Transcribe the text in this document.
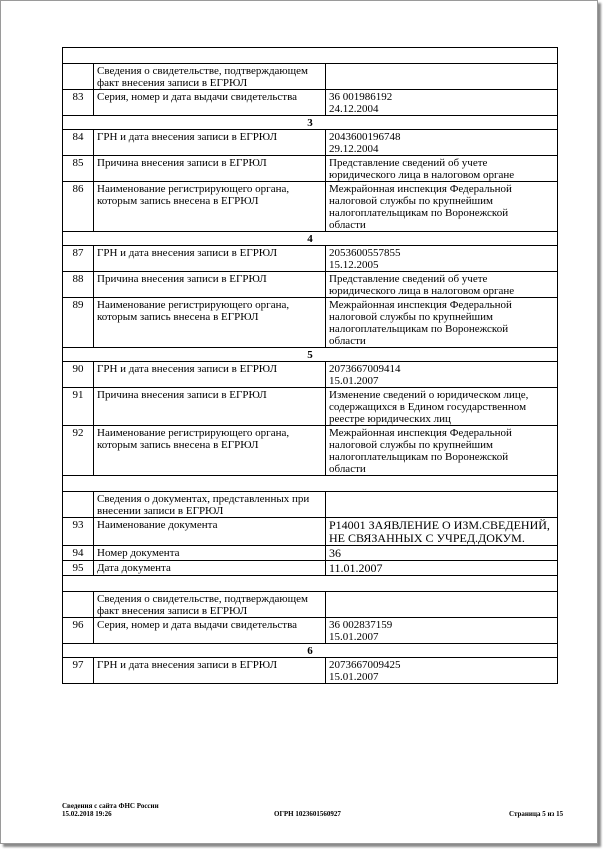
	Сведения о свидетельстве, подтверждающем факт внесения записи в ЕГРЮЛ	
83	Серия, номер и дата выдачи свидетельства	36 001986192
24.12.2004

3		
84	ГРН и дата внесения записи в ЕГРЮЛ	2043600196748
29.12.2004

85	Причина внесения записи в ЕГРЮЛ	Представление сведений об учете
юридического лица в налоговом органе

86	Наименование регистрирующего органа, которым запись внесена в ЕГРЮЛ	Межрайонная инспекция Федеральной
налоговой службы по крупнейшим
налогоплательщикам по Воронежской
области

4		
87	ГРН и дата внесения записи в ЕГРЮЛ	2053600557855
15.12.2005

88	Причина внесения записи в ЕГРЮЛ	Представление сведений об учете
юридического лица в налоговом органе

89	Наименование регистрирующего органа, которым запись внесена в ЕГРЮЛ	Межрайонная инспекция Федеральной
налоговой службы по крупнейшим
налогоплательщикам по Воронежской
области

5		
90	ГРН и дата внесения записи в ЕГРЮЛ	2073667009414
15.01.2007

91	Причина внесения записи в ЕГРЮЛ	Изменение сведений о юридическом лице,
содержащихся в Едином государственном
реестре юридических лиц

92	Наименование регистрирующего органа, которым запись внесена в ЕГРЮЛ	Межрайонная инспекция Федеральной
налоговой службы по крупнейшим
налогоплательщикам по Воронежской
области

	Сведения о документах, представленных при внесении записи в ЕГРЮЛ	
93	Наименование документа	Р14001 ЗАЯВЛЕНИЕ О ИЗМ.СВЕДЕНИЙ,
НЕ СВЯЗАННЫХ С УЧРЕД.ДОКУМ.

94	Номер документа	36

95	Дата документа	11.01.2007

	Сведения о свидетельстве, подтверждающем факт внесения записи в ЕГРЮЛ	
96	Серия, номер и дата выдачи свидетельства	36 002837159
15.01.2007

6		
97	ГРН и дата внесения записи в ЕГРЮЛ	2073667009425
15.01.2007
Сведения с сайта ФНС России
15.02.2018 19:26	ОГРН 1023601560927	Страница 5 из 15
